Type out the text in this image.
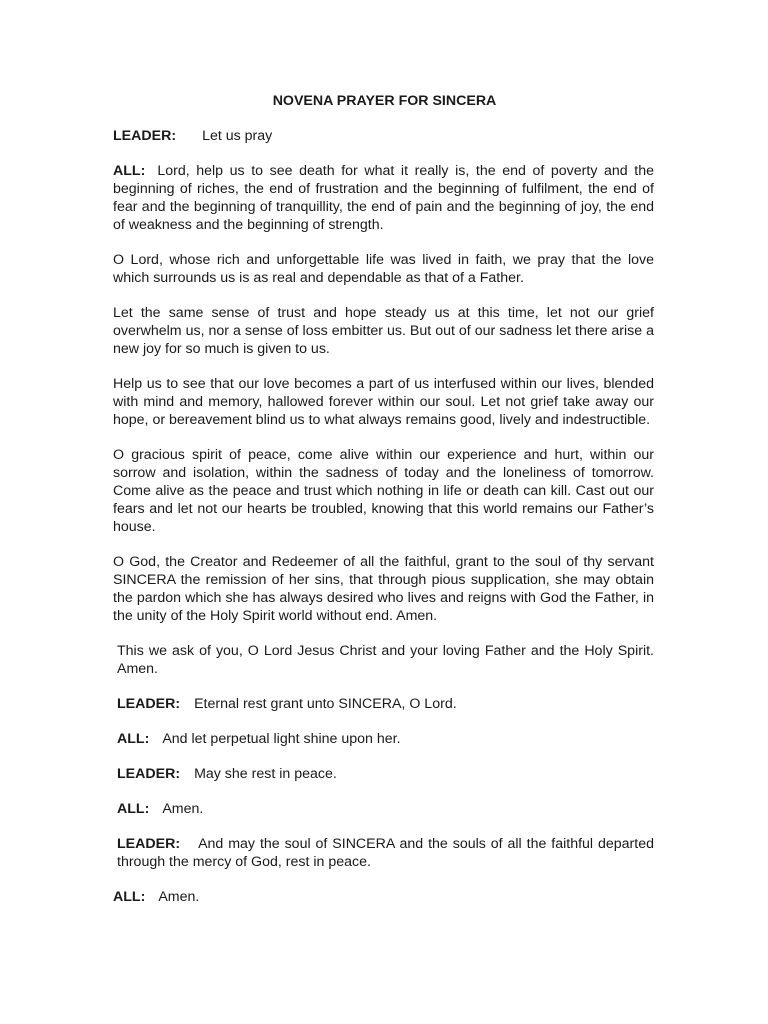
NOVENA PRAYER FOR SINCERA
LEADER: Let us pray
ALL: Lord, help us to see death for what it really is, the end of poverty and the beginning of riches, the end of frustration and the beginning of fulfilment, the end of fear and the beginning of tranquillity, the end of pain and the beginning of joy, the end of weakness and the beginning of strength.
O Lord, whose rich and unforgettable life was lived in faith, we pray that the love which surrounds us is as real and dependable as that of a Father.
Let the same sense of trust and hope steady us at this time, let not our grief overwhelm us, nor a sense of loss embitter us. But out of our sadness let there arise a new joy for so much is given to us.
Help us to see that our love becomes a part of us interfused within our lives, blended with mind and memory, hallowed forever within our soul. Let not grief take away our hope, or bereavement blind us to what always remains good, lively and indestructible.
O gracious spirit of peace, come alive within our experience and hurt, within our sorrow and isolation, within the sadness of today and the loneliness of tomorrow. Come alive as the peace and trust which nothing in life or death can kill. Cast out our fears and let not our hearts be troubled, knowing that this world remains our Father’s house.
O God, the Creator and Redeemer of all the faithful, grant to the soul of thy servant SINCERA the remission of her sins, that through pious supplication, she may obtain the pardon which she has always desired who lives and reigns with God the Father, in the unity of the Holy Spirit world without end. Amen.
This we ask of you, O Lord Jesus Christ and your loving Father and the Holy Spirit. Amen.
LEADER: Eternal rest grant unto SINCERA, O Lord.
ALL: And let perpetual light shine upon her.
LEADER: May she rest in peace.
ALL: Amen.
LEADER: And may the soul of SINCERA and the souls of all the faithful departed through the mercy of God, rest in peace.
ALL: Amen.
